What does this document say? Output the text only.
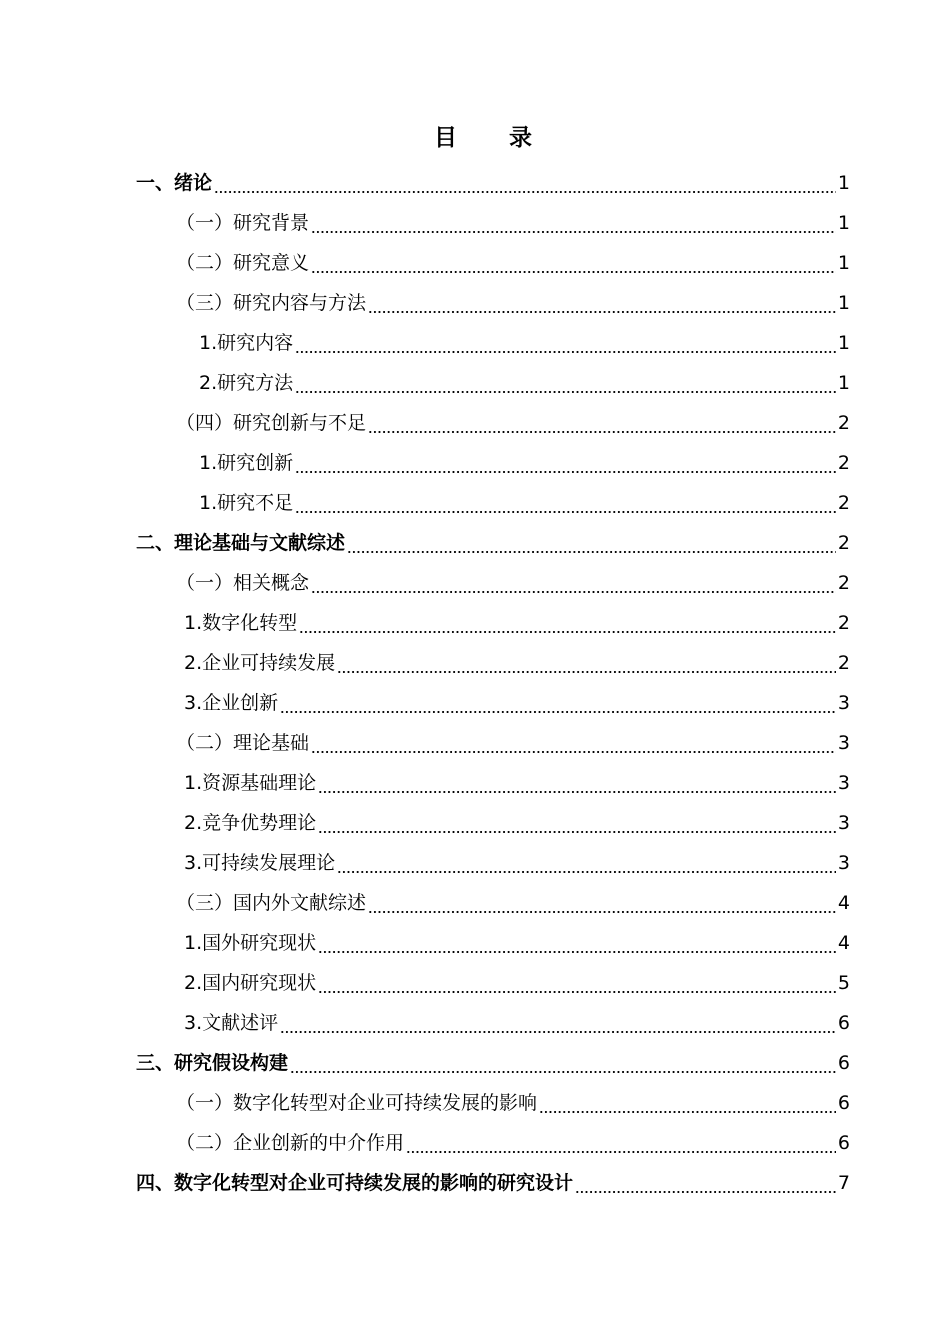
目 录
一、绪论	1
（一）研究背景	1
（二）研究意义	1
（三）研究内容与方法	1
1.研究内容	1
2.研究方法	1
（四）研究创新与不足	2
1.研究创新	2
1.研究不足	2
二、理论基础与文献综述	2
（一）相关概念	2
1.数字化转型	2
2.企业可持续发展	2
3.企业创新	3
（二）理论基础	3
1.资源基础理论	3
2.竞争优势理论	3
3.可持续发展理论	3
（三）国内外文献综述	4
1.国外研究现状	4
2.国内研究现状	5
3.文献述评	6
三、研究假设构建	6
（一）数字化转型对企业可持续发展的影响	6
（二）企业创新的中介作用	6
四、数字化转型对企业可持续发展的影响的研究设计	7
